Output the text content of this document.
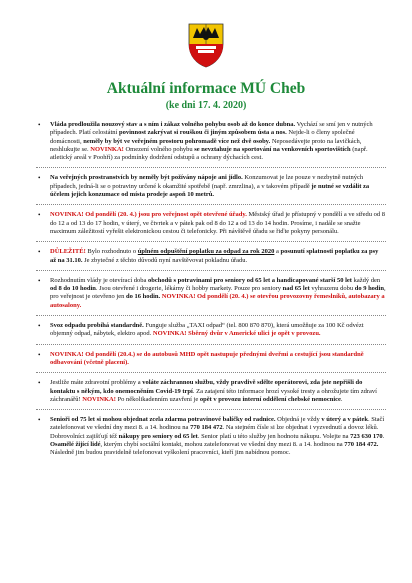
Aktuální informace MÚ Cheb
(ke dni 17. 4. 2020)
• Vláda prodloužila nouzový stav a s ním i zákaz volného pohybu osob až do konce dubna. Vychází se smí jen v nutných případech. Platí celostátní povinnost zakrývat si rouškou či jiným způsobem ústa a nos. Nejde-li o členy společné domácnosti, neměly by být ve veřejném prostoru pohromadě více než dvě osoby. Neposedávejte proto na lavičkách, neshlukujte se. NOVINKA! Omezení volného pohybu se nevztahuje na sportování na venkovních sportovištích (např. atletický areál v Poohří) za podmínky dodržení odstupů a ochrany dýchacích cest.
• Na veřejných prostranstvích by neměly být požívány nápoje ani jídlo. Konzumovat je lze pouze v nezbytně nutných případech, jedná-li se o potraviny určené k okamžité spotřebě (např. zmrzlina), a v takovém případě je nutné se vzdálit za účelem jejich konzumace od místa prodeje aspoň 10 metrů.
• NOVINKA! Od pondělí (20. 4.) jsou pro veřejnost opět otevřené úřady. Městský úřad je přístupný v pondělí a ve středu od 8 do 12 a od 13 do 17 hodin, v úterý, ve čtvrtek a v pátek pak od 8 do 12 a od 13 do 14 hodin. Prosíme, i nadále se snažte maximum záležitostí vyřešit elektronickou cestou či telefonicky. Při návštěvě úřadu se řiďte pokyny personálu.
• DŮLEŽITÉ! Bylo rozhodnuto o úplném odpuštění poplatku za odpad za rok 2020 a posunutí splatnosti poplatku za psy až na 31.10. Je zbytečné z těchto důvodů nyní navštěvovat pokladnu úřadu.
• Rozhodnutím vlády je otevírací doba obchodů s potravinami pro seniory od 65 let a handicapované starší 50 let každý den od 8 do 10 hodin. Jsou otevřené i drogerie, lékárny či hobby markety. Pouze pro seniory nad 65 let vyhrazenu dobu do 9 hodin, pro veřejnost je otevřeno jen do 16 hodin. NOVINKA! Od pondělí (20. 4.) se otevřou provozovny řemeslníků, autobazary a autosalony.
• Svoz odpadu probíhá standardně. Funguje služba „TAXI odpad“ (tel. 800 870 870), která umožňuje za 100 Kč odvézt objemný odpad, nábytek, elektro apod. NOVINKA! Sběrný dvůr v Americké ulici je opět v provozu.
• NOVINKA! Od pondělí (20.4.) se do autobusů MHD opět nastupuje přednými dveřmi a cestující jsou standardně odbavováni (včetně placení).
• Jestliže máte zdravotní problémy a voláte záchrannou službu, vždy pravdivě sdělte operátorovi, zda jste nepřišli do kontaktu s někým, kdo onemocněním Covid-19 trpí. Za zatajení této informace hrozí vysoké tresty a ohrožujete tím zdraví záchranářů! NOVINKA! Po několikadenním uzavření je opět v provozu interní oddělení chebské nemocnice.
• Senioři od 75 let si mohou objednat zcela zdarma potravinové balíčky od radnice. Objedná je vždy v úterý a v pátek. Stačí zatelefonovat ve všední dny mezi 8. a 14. hodinou na 770 184 472. Na stejném čísle si lze objednat i vyzvednutí a dovoz léků. Dobrovolníci zajišťují též nákupy pro seniory od 65 let. Senior platí u této služby jen hodnotu nákupu. Volejte na 723 630 170. Osamělé žijící lidé, kterým chybí sociální kontakt, mohou zatelefonovat ve všední dny mezi 8. a 14. hodinou na 770 184 472. Následně jim budou pravidelně telefonovat vyškolení pracovníci, kteří jim nabídnou pomoc.
